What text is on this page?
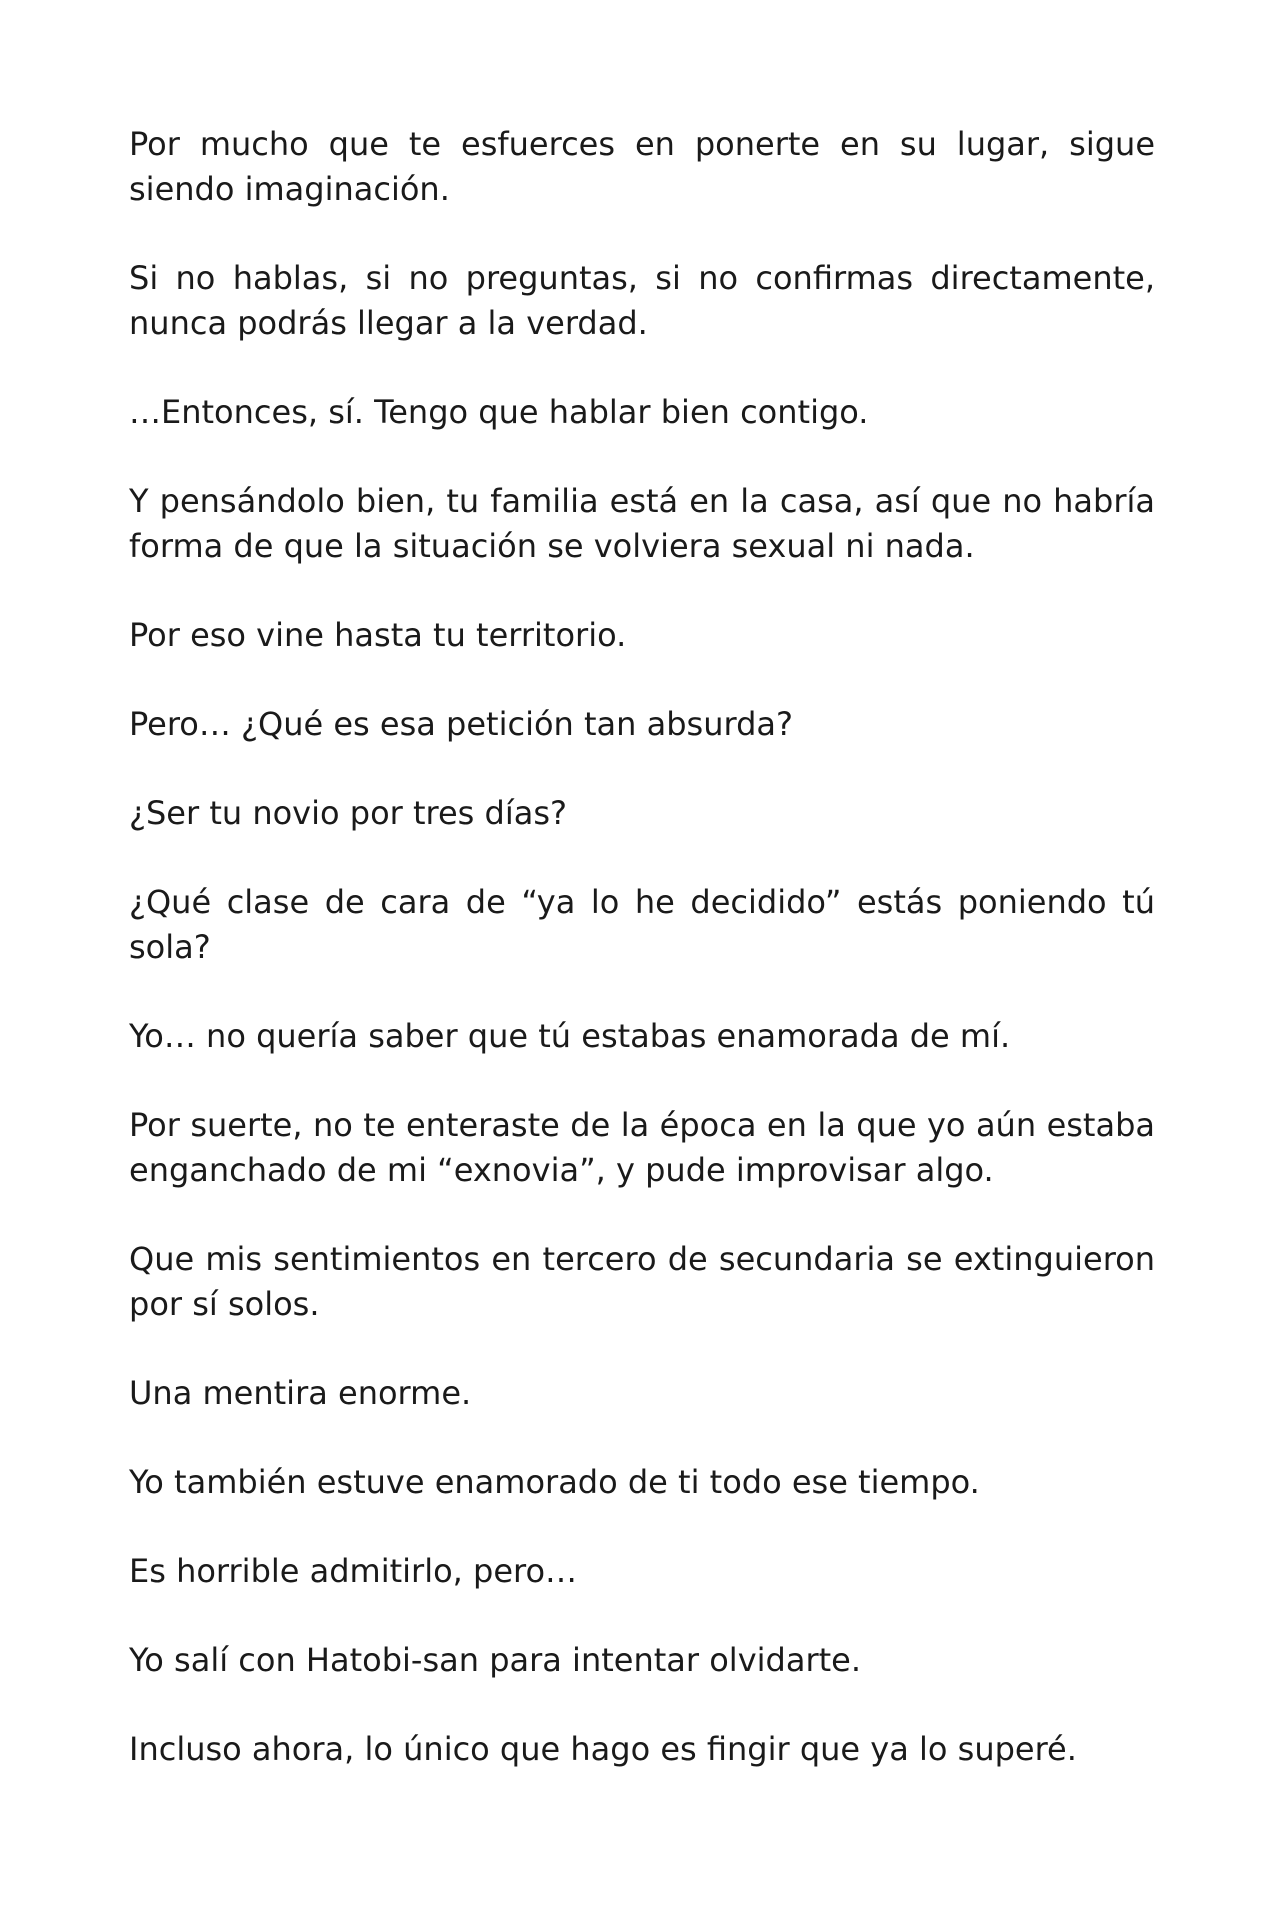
Por mucho que te esfuerces en ponerte en su lugar, sigue siendo imaginación.

Si no hablas, si no preguntas, si no confirmas directamente, nunca podrás llegar a la verdad.

…Entonces, sí. Tengo que hablar bien contigo.

Y pensándolo bien, tu familia está en la casa, así que no habría forma de que la situación se volviera sexual ni nada.

Por eso vine hasta tu territorio.

Pero… ¿Qué es esa petición tan absurda?

¿Ser tu novio por tres días?

¿Qué clase de cara de “ya lo he decidido” estás poniendo tú sola?

Yo… no quería saber que tú estabas enamorada de mí.

Por suerte, no te enteraste de la época en la que yo aún estaba enganchado de mi “exnovia”, y pude improvisar algo.

Que mis sentimientos en tercero de secundaria se extinguieron por sí solos.

Una mentira enorme.

Yo también estuve enamorado de ti todo ese tiempo.

Es horrible admitirlo, pero…

Yo salí con Hatobi-san para intentar olvidarte.

Incluso ahora, lo único que hago es fingir que ya lo superé.
